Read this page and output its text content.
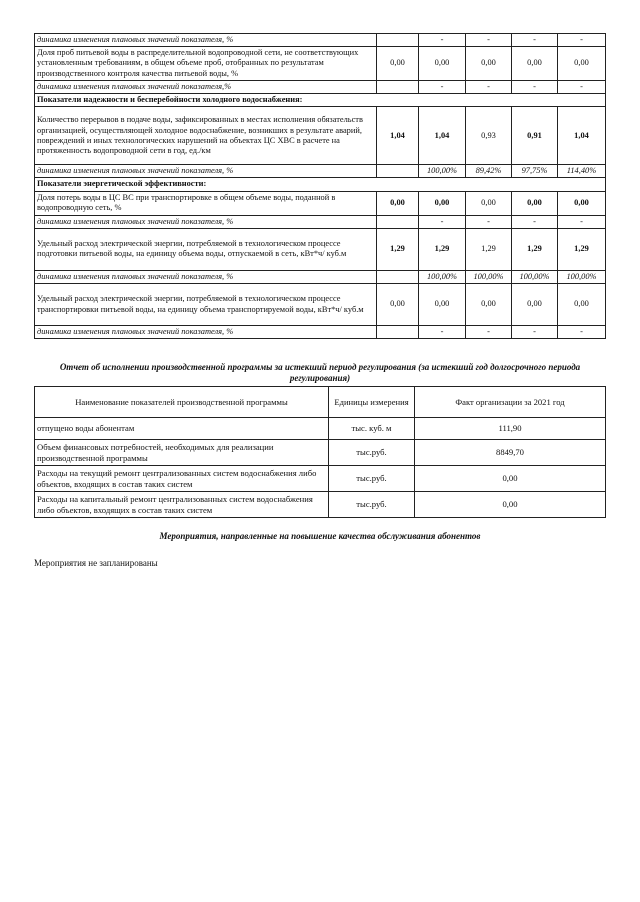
динамика изменения плановых значений показателя, %		-	-	-	-
Доля проб питьевой воды в распределительной водопроводной сети, не соответствующих установленным требованиям, в общем объеме проб, отобранных по результатам производственного контроля качества питьевой воды, %	0,00	0,00	0,00	0,00	0,00
динамика изменения плановых значений показателя,%		-	-	-	-
Показатели надежности и бесперебойности холодного водоснабжения:					
Количество перерывов в подаче воды, зафиксированных в местах исполнения обязательств организацией, осуществляющей холодное водоснабжение, возникших в результате аварий, повреждений и иных технологических нарушений на объектах ЦС ХВС в расчете на протяженность водопроводной сети в год, ед./км	1,04	1,04	0,93	0,91	1,04
динамика изменения плановых значений показателя, %		100,00%	89,42%	97,75%	114,40%
Показатели энергетической эффективности:					
Доля потерь воды в ЦС ВС при транспортировке в общем объеме воды, поданной в водопроводную сеть, %	0,00	0,00	0,00	0,00	0,00
динамика изменения плановых значений показателя, %		-	-	-	-
Удельный расход электрической энергии, потребляемой в технологическом процессе подготовки питьевой воды, на единицу объема воды, отпускаемой в сеть, кВт*ч/ куб.м	1,29	1,29	1,29	1,29	1,29
динамика изменения плановых значений показателя, %		100,00%	100,00%	100,00%	100,00%
Удельный расход электрической энергии, потребляемой в технологическом процессе транспортировки питьевой воды, на единицу объема транспортируемой воды, кВт*ч/ куб.м	0,00	0,00	0,00	0,00	0,00
динамика изменения плановых значений показателя, %		-	-	-	-

Отчет об исполнении производственной программы за истекший период регулирования (за истекший год долгосрочного периода регулирования)

Наименование показателей производственной программы	Единицы измерения	Факт организации за 2021 год
отпущено воды абонентам	тыс. куб. м	111,90
Объем финансовых потребностей, необходимых для реализации производственной программы	тыс.руб.	8849,70
Расходы на текущий ремонт централизованных систем водоснабжения либо объектов, входящих в состав таких систем	тыс.руб.	0,00
Расходы на капитальный ремонт централизованных систем водоснабжения либо объектов, входящих в состав таких систем	тыс.руб.	0,00

Мероприятия, направленные на повышение качества обслуживания абонентов

Мероприятия не запланированы
